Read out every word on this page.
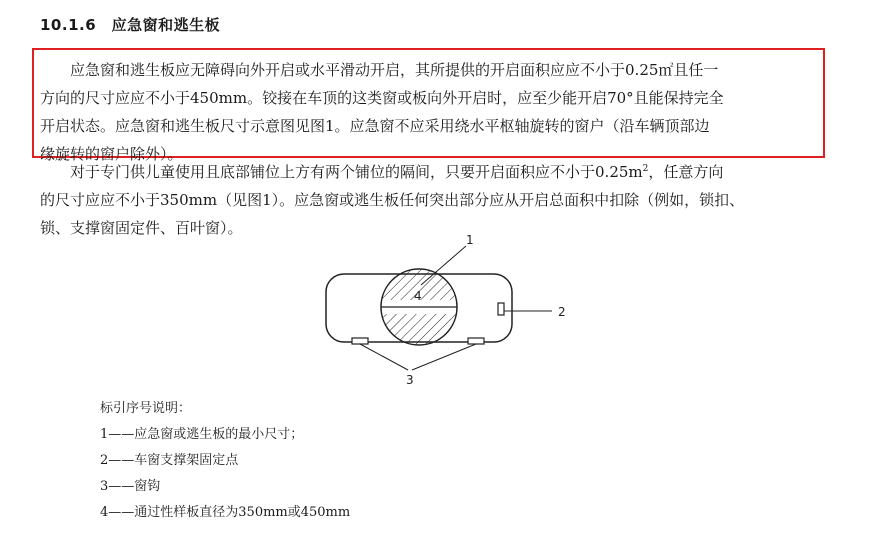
10.1.6　应急窗和逃生板
应急窗和逃生板应无障碍向外开启或水平滑动开启，其所提供的开启面积应应不小于0.25㎡且任一
方向的尺寸应应不小于450mm。铰接在车顶的这类窗或板向外开启时，应至少能开启70°且能保持完全
开启状态。应急窗和逃生板尺寸示意图见图1。应急窗不应采用绕水平枢轴旋转的窗户（沿车辆顶部边
缘旋转的窗户除外）。
对于专门供儿童使用且底部铺位上方有两个铺位的隔间，只要开启面积应不小于$0.25m^2$，任意方向
的尺寸应应不小于350mm（见图1）。应急窗或逃生板任何突出部分应从开启总面积中扣除（例如，锁扣、
锁、支撑窗固定件、百叶窗）。
1
2
3
4
标引序号说明：
1——应急窗或逃生板的最小尺寸；
2——车窗支撑架固定点
3——窗钩
4——通过性样板直径为350mm或450mm
